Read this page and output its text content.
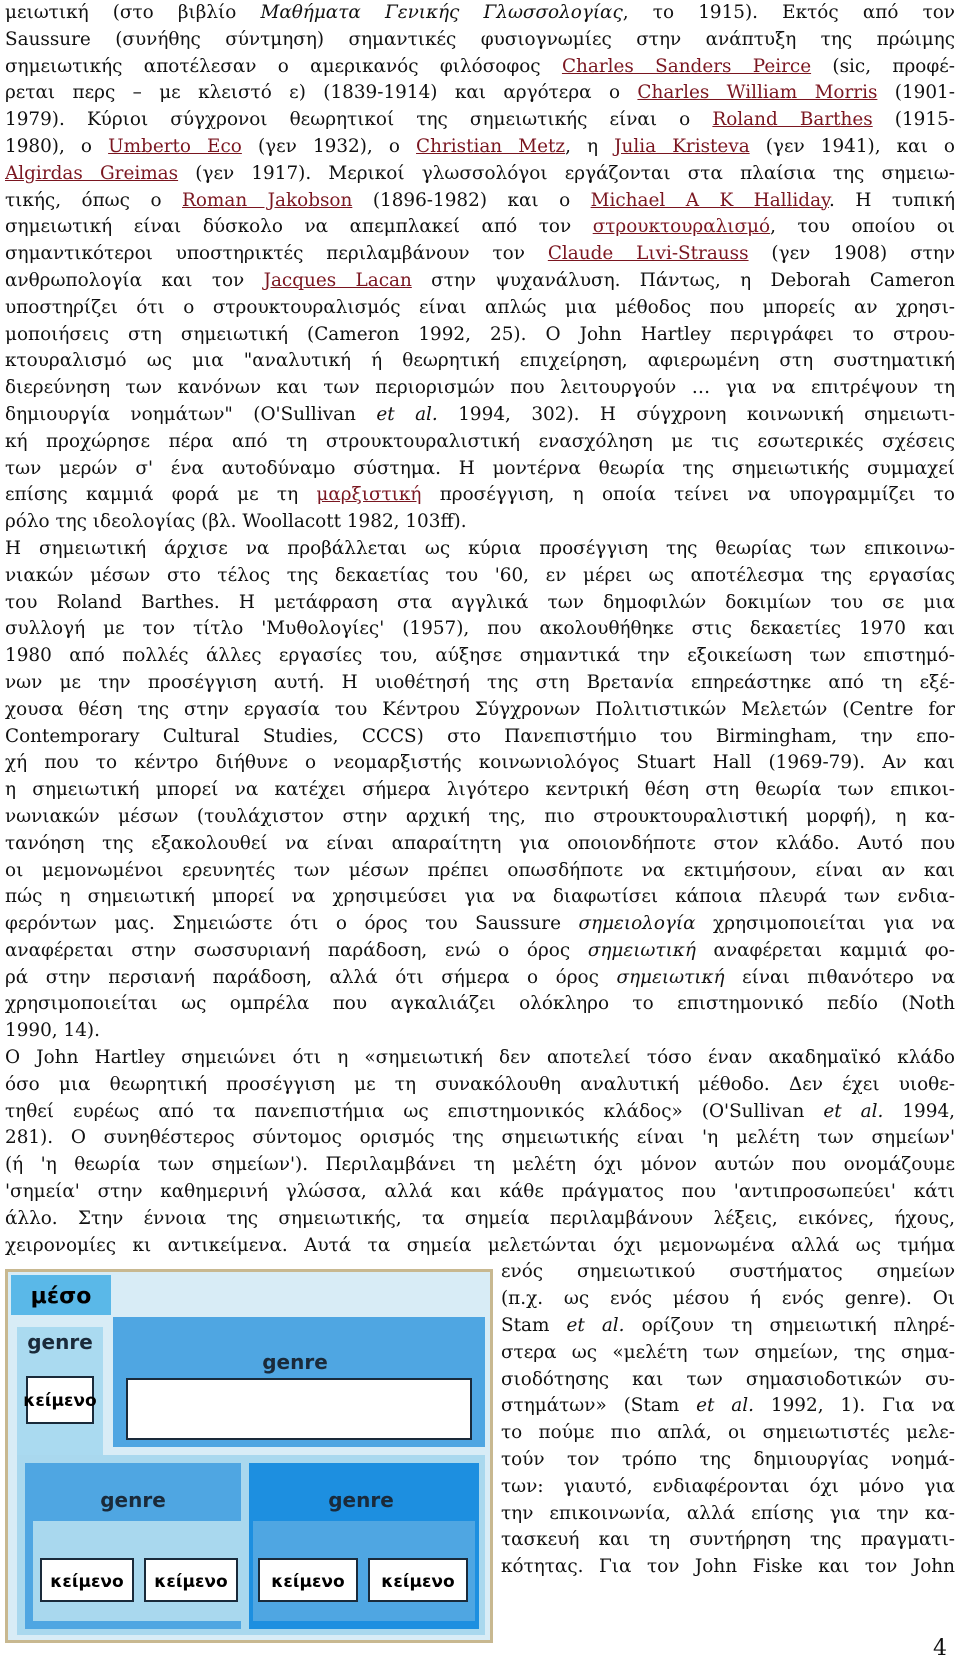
μειωτική (στο βιβλίο Μαθήματα Γενικής Γλωσσολογίας, το 1915). Εκτός από τον
Saussure (συνήθης σύντμηση) σημαντικές φυσιογνωμίες στην ανάπτυξη της πρώιμης
σημειωτικής αποτέλεσαν ο αμερικανός φιλόσοφος Charles Sanders Peirce (sic, προφέ-
ρεται περς – με κλειστό ε) (1839-1914) και αργότερα ο Charles William Morris (1901-
1979). Κύριοι σύγχρονοι θεωρητικοί της σημειωτικής είναι ο Roland Barthes (1915-
1980), ο Umberto Eco (γεν 1932), ο Christian Metz, η Julia Kristeva (γεν 1941), και ο
Algirdas Greimas (γεν 1917). Μερικοί γλωσσολόγοι εργάζονται στα πλαίσια της σημειω-
τικής, όπως ο Roman Jakobson (1896-1982) και ο Michael A K Halliday. Η τυπική
σημειωτική είναι δύσκολο να απεμπλακεί από τον στρουκτουραλισμό, του οποίου οι
σημαντικότεροι υποστηρικτές περιλαμβάνουν τον Claude Lιvi-Strauss (γεν 1908) στην
ανθρωπολογία και τον Jacques Lacan στην ψυχανάλυση. Πάντως, η Deborah Cameron
υποστηρίζει ότι ο στρουκτουραλισμός είναι απλώς μια μέθοδος που μπορείς αν χρησι-
μοποιήσεις στη σημειωτική (Cameron 1992, 25). Ο John Hartley περιγράφει το στρου-
κτουραλισμό ως μια "αναλυτική ή θεωρητική επιχείρηση, αφιερωμένη στη συστηματική
διερεύνηση των κανόνων και των περιορισμών που λειτουργούν … για να επιτρέψουν τη
δημιουργία νοημάτων" (O'Sullivan et al. 1994, 302). Η σύγχρονη κοινωνική σημειωτι-
κή προχώρησε πέρα από τη στρουκτουραλιστική ενασχόληση με τις εσωτερικές σχέσεις
των μερών σ' ένα αυτοδύναμο σύστημα. Η μοντέρνα θεωρία της σημειωτικής συμμαχεί
επίσης καμμιά φορά με τη μαρξιστική προσέγγιση, η οποία τείνει να υπογραμμίζει το
ρόλο της ιδεολογίας (βλ. Woollacott 1982, 103ff).
Η σημειωτική άρχισε να προβάλλεται ως κύρια προσέγγιση της θεωρίας των επικοινω-
νιακών μέσων στο τέλος της δεκαετίας του '60, εν μέρει ως αποτέλεσμα της εργασίας
του Roland Barthes. Η μετάφραση στα αγγλικά των δημοφιλών δοκιμίων του σε μια
συλλογή με τον τίτλο 'Μυθολογίες' (1957), που ακολουθήθηκε στις δεκαετίες 1970 και
1980 από πολλές άλλες εργασίες του, αύξησε σημαντικά την εξοικείωση των επιστημό-
νων με την προσέγγιση αυτή. Η υιοθέτησή της στη Βρετανία επηρεάστηκε από τη εξέ-
χουσα θέση της στην εργασία του Κέντρου Σύγχρονων Πολιτιστικών Μελετών (Centre for
Contemporary Cultural Studies, CCCS) στο Πανεπιστήμιο του Birmingham, την επο-
χή που το κέντρο διήθυνε ο νεομαρξιστής κοινωνιολόγος Stuart Hall (1969-79). Αν και
η σημειωτική μπορεί να κατέχει σήμερα λιγότερο κεντρική θέση στη θεωρία των επικοι-
νωνιακών μέσων (τουλάχιστον στην αρχική της, πιο στρουκτουραλιστική μορφή), η κα-
τανόηση της εξακολουθεί να είναι απαραίτητη για οποιονδήποτε στον κλάδο. Αυτό που
οι μεμονωμένοι ερευνητές των μέσων πρέπει οπωσδήποτε να εκτιμήσουν, είναι αν και
πώς η σημειωτική μπορεί να χρησιμεύσει για να διαφωτίσει κάποια πλευρά των ενδια-
φερόντων μας. Σημειώστε ότι ο όρος του Saussure σημειολογία χρησιμοποιείται για να
αναφέρεται στην σωσσυριανή παράδοση, ενώ ο όρος σημειωτική αναφέρεται καμμιά φο-
ρά στην περσιανή παράδοση, αλλά ότι σήμερα ο όρος σημειωτική είναι πιθανότερο να
χρησιμοποιείται ως ομπρέλα που αγκαλιάζει ολόκληρο το επιστημονικό πεδίο (Noth
1990, 14).
Ο John Hartley σημειώνει ότι η «σημειωτική δεν αποτελεί τόσο έναν ακαδημαϊκό κλάδο
όσο μια θεωρητική προσέγγιση με τη συνακόλουθη αναλυτική μέθοδο. Δεν έχει υιοθε-
τηθεί ευρέως από τα πανεπιστήμια ως επιστημονικός κλάδος» (O'Sullivan et al. 1994,
281). Ο συνηθέστερος σύντομος ορισμός της σημειωτικής είναι 'η μελέτη των σημείων'
(ή 'η θεωρία των σημείων'). Περιλαμβάνει τη μελέτη όχι μόνον αυτών που ονομάζουμε
'σημεία' στην καθημερινή γλώσσα, αλλά και κάθε πράγματος που 'αντιπροσωπεύει' κάτι
άλλο. Στην έννοια της σημειωτικής, τα σημεία περιλαμβάνουν λέξεις, εικόνες, ήχους,
χειρονομίες κι αντικείμενα. Αυτά τα σημεία μελετώνται όχι μεμονωμένα αλλά ως τμήμα
μέσο
genre
κείμενο
genre
genre	genre
κείμενο κείμενο	κείμενο κείμενο
ενός σημειωτικού συστήματος σημείων
(π.χ. ως ενός μέσου ή ενός genre). Οι
Stam et al. ορίζουν τη σημειωτική πληρέ-
στερα ως «μελέτη των σημείων, της σημα-
σιοδότησης και των σημασιοδοτικών συ-
στημάτων» (Stam et al. 1992, 1). Για να
το πούμε πιο απλά, οι σημειωτιστές μελε-
τούν τον τρόπο της δημιουργίας νοημά-
των: γιαυτό, ενδιαφέρονται όχι μόνο για
την επικοινωνία, αλλά επίσης για την κα-
τασκευή και τη συντήρηση της πραγματι-
κότητας. Για τον John Fiske και τον John
4
